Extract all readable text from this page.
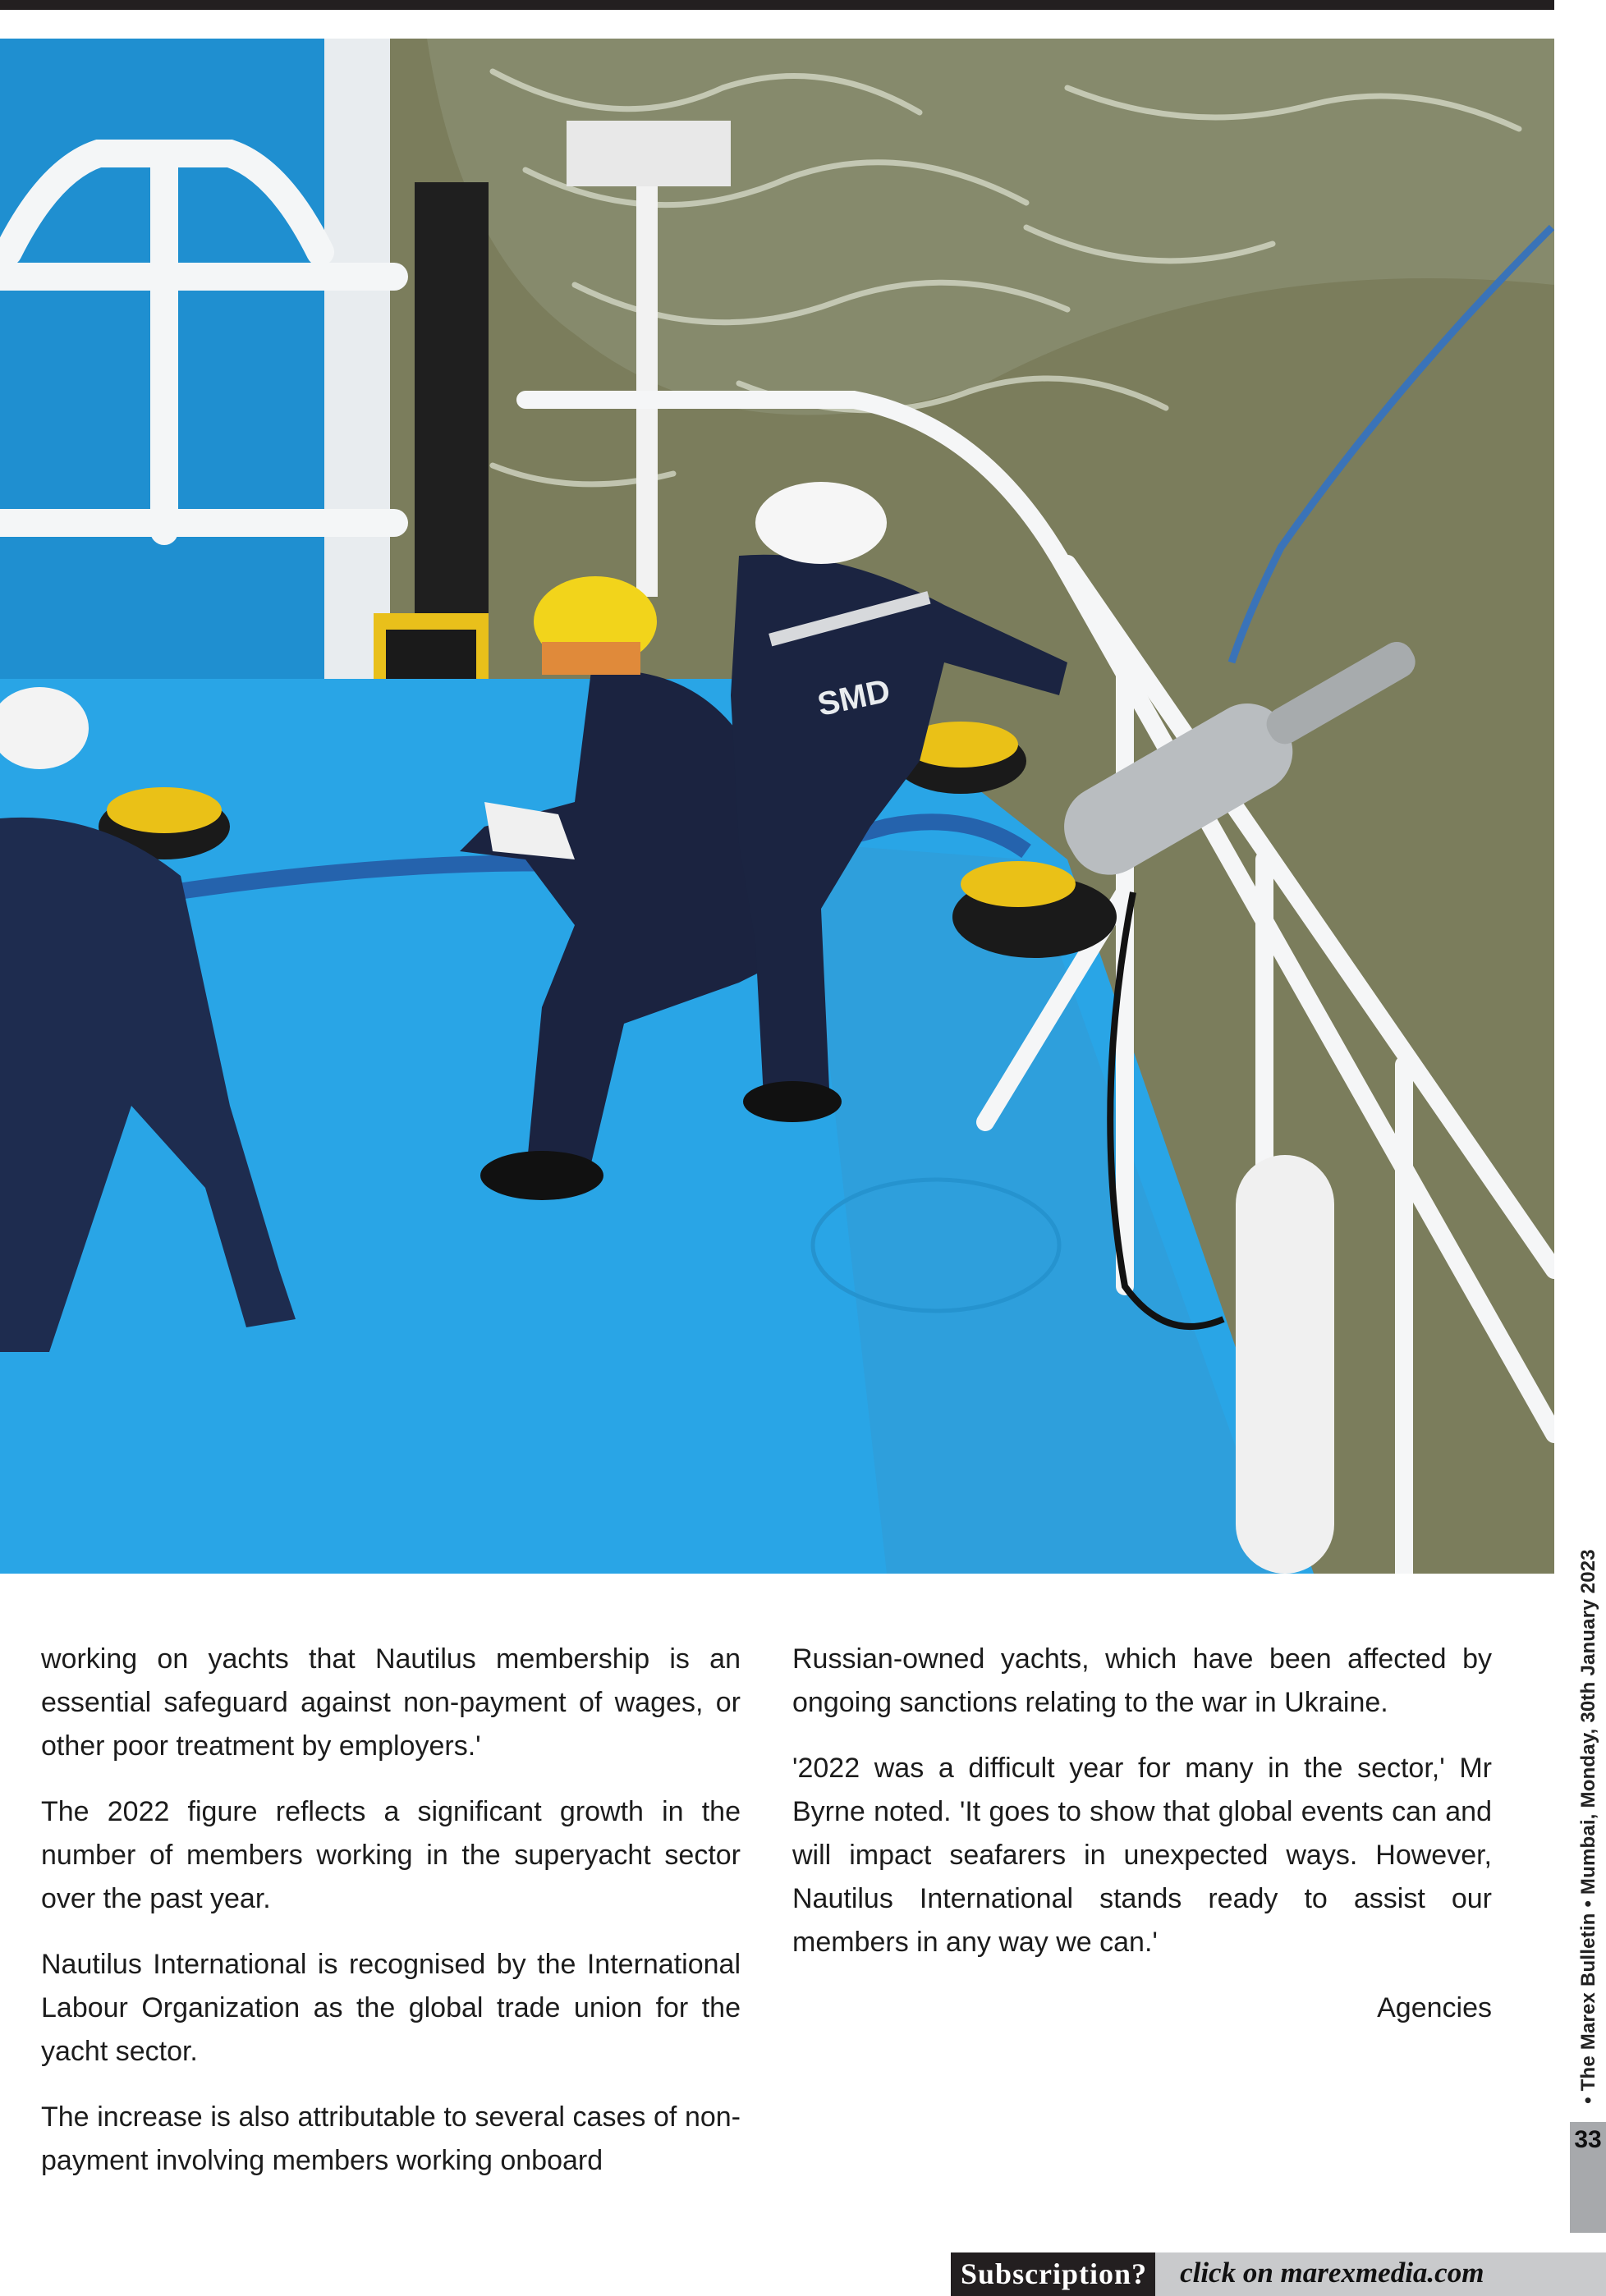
SMD

working on yachts that Nautilus membership is an essential safeguard against non-payment of wages, or other poor treatment by employers.'

The 2022 figure reflects a significant growth in the number of members working in the superyacht sector over the past year.

Nautilus International is recognised by the International Labour Organization as the global trade union for the yacht sector.

The increase is also attributable to several cases of non-payment involving members working onboard

Russian-owned yachts, which have been affected by ongoing sanctions relating to the war in Ukraine.

'2022 was a difficult year for many in the sector,' Mr Byrne noted. 'It goes to show that global events can and will impact seafarers in unexpected ways. However, Nautilus International stands ready to assist our members in any way we can.'

Agencies	• The Marex Bulletin • Mumbai, Monday, 30th January 2023
33
Subscription?	click on marexmedia.com
